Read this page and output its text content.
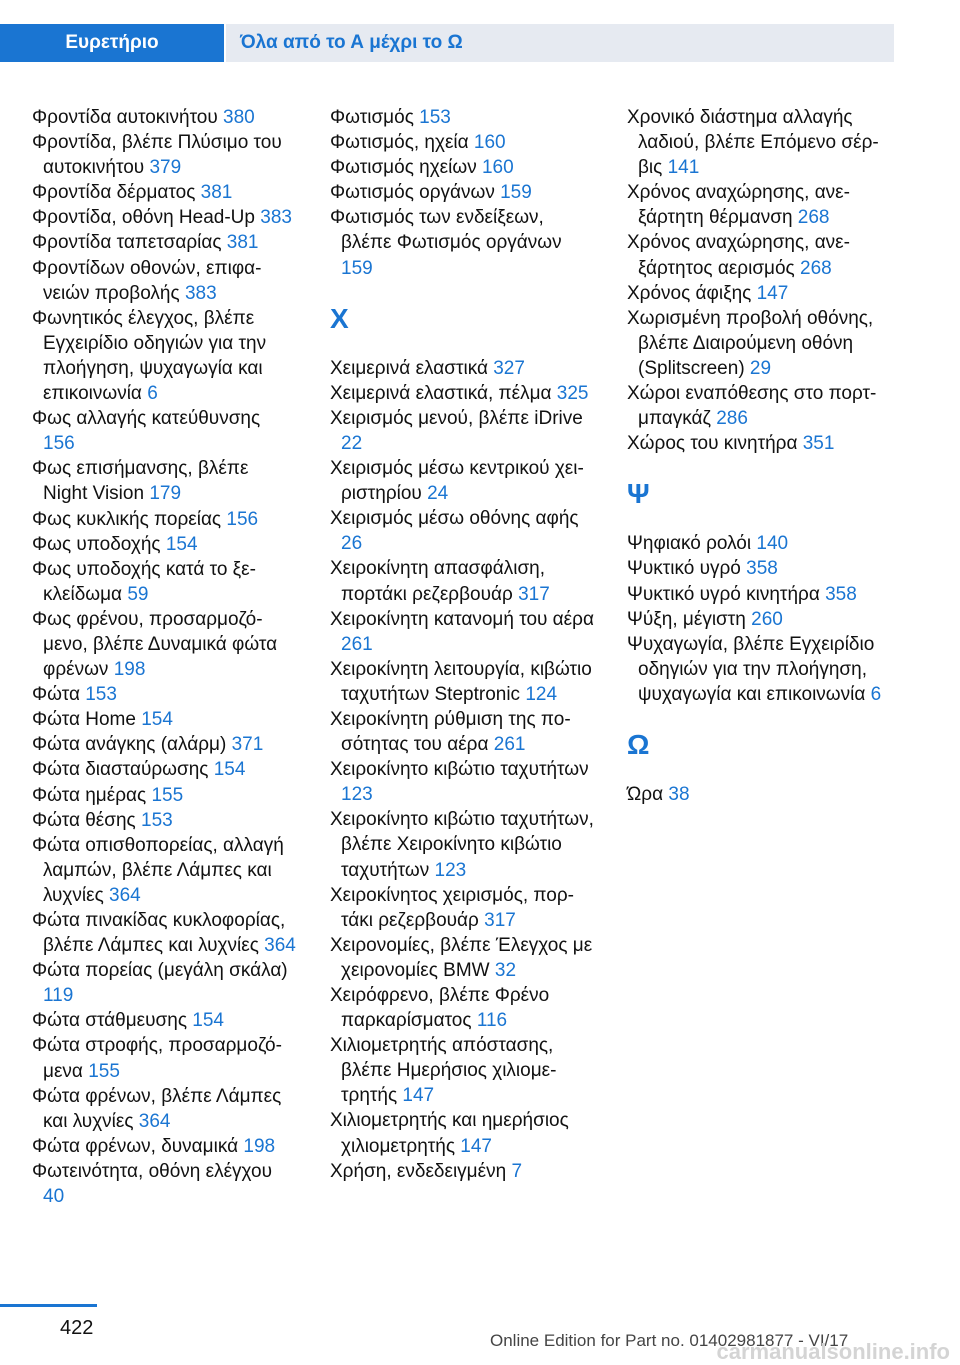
Ευρετήριο	Όλα από το Α μέχρι το Ω
Φροντίδα αυτοκινήτου 380
Φροντίδα, βλέπε Πλύσιμο του αυτοκινήτου 379
Φροντίδα δέρματος 381
Φροντίδα, οθόνη Head-Up 383
Φροντίδα ταπετσαρίας 381
Φροντίδων οθονών, επιφανειών προβολής 383
Φωνητικός έλεγχος, βλέπε Εγχειρίδιο οδηγιών για την πλοήγηση, ψυχαγωγία και επικοινωνία 6
Φως αλλαγής κατεύθυνσης 156
Φως επισήμανσης, βλέπε Night Vision 179
Φως κυκλικής πορείας 156
Φως υποδοχής 154
Φως υποδοχής κατά το ξεκλείδωμα 59
Φως φρένου, προσαρμοζόμενο, βλέπε Δυναμικά φώτα φρένων 198
Φώτα 153
Φώτα Home 154
Φώτα ανάγκης (αλάρμ) 371
Φώτα διασταύρωσης 154
Φώτα ημέρας 155
Φώτα θέσης 153
Φώτα οπισθοπορείας, αλλαγή λαμπών, βλέπε Λάμπες και λυχνίες 364
Φώτα πινακίδας κυκλοφορίας, βλέπε Λάμπες και λυχνίες 364
Φώτα πορείας (μεγάλη σκάλα) 119
Φώτα στάθμευσης 154
Φώτα στροφής, προσαρμοζόμενα 155
Φώτα φρένων, βλέπε Λάμπες και λυχνίες 364
Φώτα φρένων, δυναμικά 198
Φωτεινότητα, οθόνη ελέγχου 40
Φωτισμός 153
Φωτισμός, ηχεία 160
Φωτισμός ηχείων 160
Φωτισμός οργάνων 159
Φωτισμός των ενδείξεων, βλέπε Φωτισμός οργάνων 159
Χ
Χειμερινά ελαστικά 327
Χειμερινά ελαστικά, πέλμα 325
Χειρισμός μενού, βλέπε iDrive 22
Χειρισμός μέσω κεντρικού χειριστηρίου 24
Χειρισμός μέσω οθόνης αφής 26
Χειροκίνητη απασφάλιση, πορτάκι ρεζερβουάρ 317
Χειροκίνητη κατανομή του αέρα 261
Χειροκίνητη λειτουργία, κιβώτιο ταχυτήτων Steptronic 124
Χειροκίνητη ρύθμιση της ποσότητας του αέρα 261
Χειροκίνητο κιβώτιο ταχυτήτων 123
Χειροκίνητο κιβώτιο ταχυτήτων, βλέπε Χειροκίνητο κιβώτιο ταχυτήτων 123
Χειροκίνητος χειρισμός, πορτάκι ρεζερβουάρ 317
Χειρονομίες, βλέπε Έλεγχος με χειρονομίες BMW 32
Χειρόφρενο, βλέπε Φρένο παρκαρίσματος 116
Χιλιομετρητής απόστασης, βλέπε Ημερήσιος χιλιομετρητής 147
Χιλιομετρητής και ημερήσιος χιλιομετρητής 147
Χρήση, ενδεδειγμένη 7
Χρονικό διάστημα αλλαγής λαδιού, βλέπε Επόμενο σέρβις 141
Χρόνος αναχώρησης, ανεξάρτητη θέρμανση 268
Χρόνος αναχώρησης, ανεξάρτητος αερισμός 268
Χρόνος άφιξης 147
Χωρισμένη προβολή οθόνης, βλέπε Διαιρούμενη οθόνη (Splitscreen) 29
Χώροι εναπόθεσης στο πορτμπαγκάζ 286
Χώρος του κινητήρα 351
Ψ
Ψηφιακό ρολόι 140
Ψυκτικό υγρό 358
Ψυκτικό υγρό κινητήρα 358
Ψύξη, μέγιστη 260
Ψυχαγωγία, βλέπε Εγχειρίδιο οδηγιών για την πλοήγηση, ψυχαγωγία και επικοινωνία 6
Ω
Ώρα 38
422
Online Edition for Part no. 01402981877 - VI/17
carmanualsonline.info
